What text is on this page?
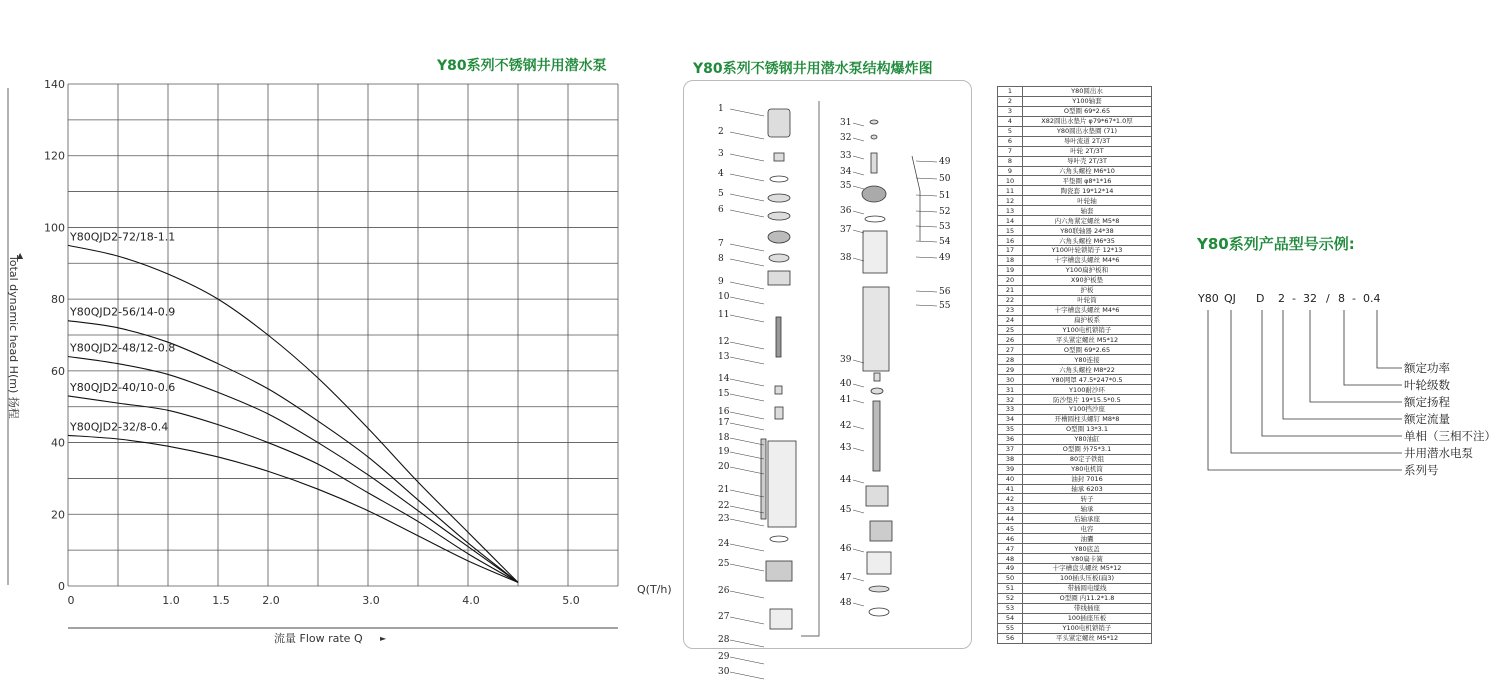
Y80系列不锈钢井用潜水泵
0
20
40
60
80
100
120
140
0	1.0	1.5	2.0	3.0	4.0	5.0
Y80QJD2-72/18-1.1
Y80QJD2-56/14-0.9
Y80QJD2-48/12-0.8
Y80QJD2-40/10-0.6
Y80QJD2-32/8-0.4
▲
►
Q(T/h)
流量 Flow rate Q
Total dynamic head H(m) 扬程
Y80系列不锈钢井用潜水泵结构爆炸图
1
2
3
4
5
6
7
8
9
10
11
12
13
14
15
16
17
18
19
20
21
22
23
24
25
26
27
28
29
30
31
32
33
34
35
36
37
38
39
40
41
42
43
44
45
46
47
48
49
50
51
52
53
54
49
56
55
1	Y80圆出水
2	Y100轴套
3	O型圈 69*2.65
4	X82圆出水垫片 φ79*67*1.0厚
5	Y80圆出水垫圈 (71)
6	导叶流道 2T/3T
7	叶轮 2T/3T
8	导叶壳 2T/3T
9	六角头螺栓 M6*10
10	平垫圈 φ8*1*16
11	陶瓷套 19*12*14
12	叶轮轴
13	轴套
14	内六角紧定螺丝 M5*8
15	Y80联轴器 24*38
16	六角头螺栓 M6*35
17	Y100叶轮锁销子 12*13
18	十字槽盘头螺丝 M4*6
19	Y100扁护板和
20	X90护板垫
21	护板
22	叶轮筒
23	十字槽盘头螺丝 M4*6
24	扁护板系
25	Y100电机锁销子
26	平头紧定螺丝 M5*12
27	O型圈 69*2.65
28	Y80连接
29	六角头螺栓 M8*22
30	Y80网罩 47.5*247*0.5
31	Y100耐沙环
32	防沙垫片 19*15.5*0.5
33	Y100挡沙座
34	开槽圆柱头螺钉 M8*8
35	O型圈 13*3.1
36	Y80油缸
37	O型圈 外75*3.1
38	80定子铁组
39	Y80电机筒
40	油封 7016
41	轴承 6203
42	转子
43	轴承
44	后轴承座
45	电容
46	油囊
47	Y80底盖
48	Y80扁卡簧
49	十字槽盘头螺丝 M5*12
50	100插头压板(扁3)
51	带插圆电缆线
52	O型圈 内11.2*1.8
53	带线插座
54	100插座压板
55	Y100电机锁销子
56	平头紧定螺丝 M5*12
Y80系列产品型号示例:
Y80 QJ D 2 - 32 / 8 - 0.4
额定功率
叶轮级数
额定扬程
额定流量
单相（三相不注）
井用潜水电泵
系列号
